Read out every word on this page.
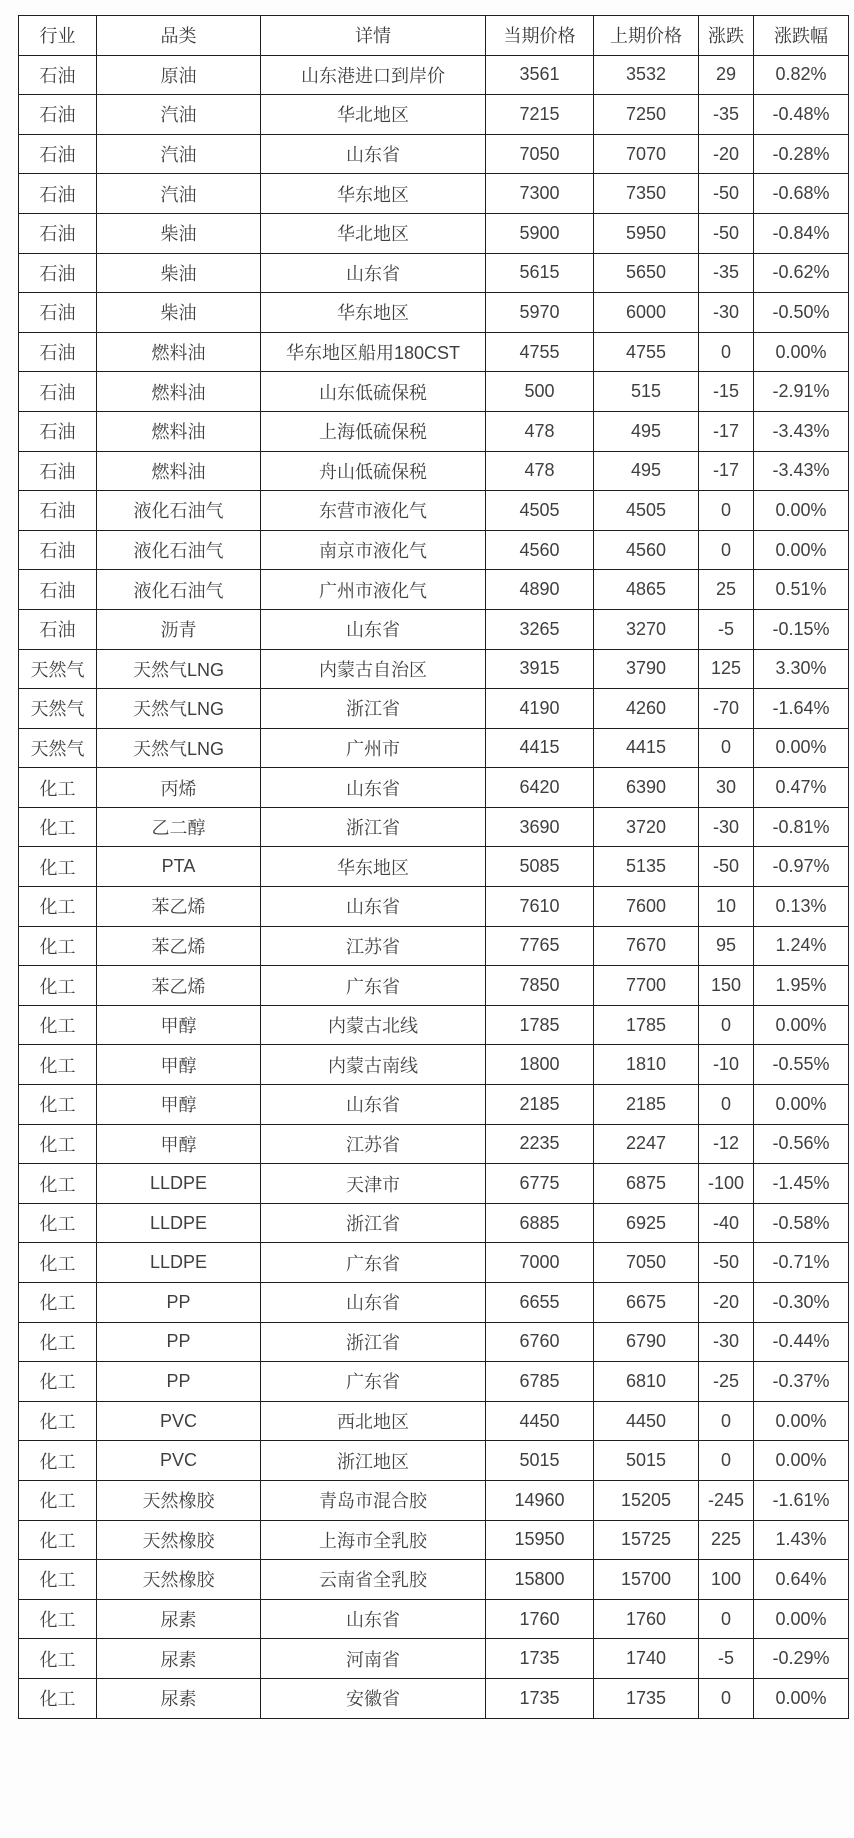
行业	品类	详情	当期价格	上期价格	涨跌	涨跌幅
石油	原油	山东港进口到岸价	3561	3532	29	0.82%
石油	汽油	华北地区	7215	7250	-35	-0.48%
石油	汽油	山东省	7050	7070	-20	-0.28%
石油	汽油	华东地区	7300	7350	-50	-0.68%
石油	柴油	华北地区	5900	5950	-50	-0.84%
石油	柴油	山东省	5615	5650	-35	-0.62%
石油	柴油	华东地区	5970	6000	-30	-0.50%
石油	燃料油	华东地区船用180CST	4755	4755	0	0.00%
石油	燃料油	山东低硫保税	500	515	-15	-2.91%
石油	燃料油	上海低硫保税	478	495	-17	-3.43%
石油	燃料油	舟山低硫保税	478	495	-17	-3.43%
石油	液化石油气	东营市液化气	4505	4505	0	0.00%
石油	液化石油气	南京市液化气	4560	4560	0	0.00%
石油	液化石油气	广州市液化气	4890	4865	25	0.51%
石油	沥青	山东省	3265	3270	-5	-0.15%
天然气	天然气LNG	内蒙古自治区	3915	3790	125	3.30%
天然气	天然气LNG	浙江省	4190	4260	-70	-1.64%
天然气	天然气LNG	广州市	4415	4415	0	0.00%
化工	丙烯	山东省	6420	6390	30	0.47%
化工	乙二醇	浙江省	3690	3720	-30	-0.81%
化工	PTA	华东地区	5085	5135	-50	-0.97%
化工	苯乙烯	山东省	7610	7600	10	0.13%
化工	苯乙烯	江苏省	7765	7670	95	1.24%
化工	苯乙烯	广东省	7850	7700	150	1.95%
化工	甲醇	内蒙古北线	1785	1785	0	0.00%
化工	甲醇	内蒙古南线	1800	1810	-10	-0.55%
化工	甲醇	山东省	2185	2185	0	0.00%
化工	甲醇	江苏省	2235	2247	-12	-0.56%
化工	LLDPE	天津市	6775	6875	-100	-1.45%
化工	LLDPE	浙江省	6885	6925	-40	-0.58%
化工	LLDPE	广东省	7000	7050	-50	-0.71%
化工	PP	山东省	6655	6675	-20	-0.30%
化工	PP	浙江省	6760	6790	-30	-0.44%
化工	PP	广东省	6785	6810	-25	-0.37%
化工	PVC	西北地区	4450	4450	0	0.00%
化工	PVC	浙江地区	5015	5015	0	0.00%
化工	天然橡胶	青岛市混合胶	14960	15205	-245	-1.61%
化工	天然橡胶	上海市全乳胶	15950	15725	225	1.43%
化工	天然橡胶	云南省全乳胶	15800	15700	100	0.64%
化工	尿素	山东省	1760	1760	0	0.00%
化工	尿素	河南省	1735	1740	-5	-0.29%
化工	尿素	安徽省	1735	1735	0	0.00%
